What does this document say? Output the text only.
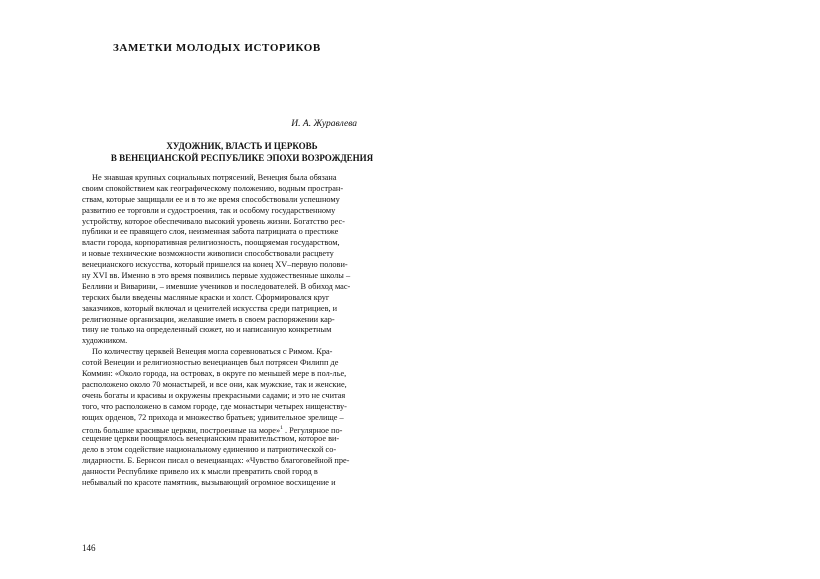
ЗАМЕТКИ МОЛОДЫХ ИСТОРИКОВ
И. А. Журавлева
ХУДОЖНИК, ВЛАСТЬ И ЦЕРКОВЬ
В ВЕНЕЦИАНСКОЙ РЕСПУБЛИКЕ ЭПОХИ ВОЗРОЖДЕНИЯ
Не знавшая крупных социальных потрясений, Венеция была обязана
своим спокойствием как географическому положению, водным простран-
ствам, которые защищали ее и в то же время способствовали успешному
развитию ее торговли и судостроения, так и особому государственному
устройству, которое обеспечивало высокий уровень жизни. Богатство рес-
публики и ее правящего слоя, неизменная забота патрициата о престиже
власти города, корпоративная религиозность, поощряемая государством,
и новые технические возможности живописи способствовали расцвету
венецианского искусства, который пришелся на конец XV–первую полови-
ну XVI вв. Именно в это время появились первые художественные школы –
Беллини и Виварини, – имевшие учеников и последователей. В обиход мас-
терских были введены масляные краски и холст. Сформировался круг
заказчиков, который включал и ценителей искусства среди патрициев, и
религиозные организации, желавшие иметь в своем распоряжении кар-
тину не только на определенный сюжет, но и написанную конкретным
художником.
По количеству церквей Венеция могла соревноваться с Римом. Кра-
сотой Венеции и религиозностью венецианцев был потрясен Филипп де
Коммин: «Около города, на островах, в округе по меньшей мере в пол-лье,
расположено около 70 монастырей, и все они, как мужские, так и женские,
очень богаты и красивы и окружены прекрасными садами; и это не считая
того, что расположено в самом городе, где монастыри четырех нищенству-
ющих орденов, 72 прихода и множество братьев; удивительное зрелище –
столь большие красивые церкви, построенные на море»$^1$ . Регулярное по-
сещение церкви поощрялось венецианским правительством, которое ви-
дело в этом содействие национальному единению и патриотической со-
лидарности. Б. Бернсон писал о венецианцах: «Чувство благоговейной пре-
данности Республике привело их к мысли превратить свой город в
небывалый по красоте памятник, вызывающий огромное восхищение и
146
